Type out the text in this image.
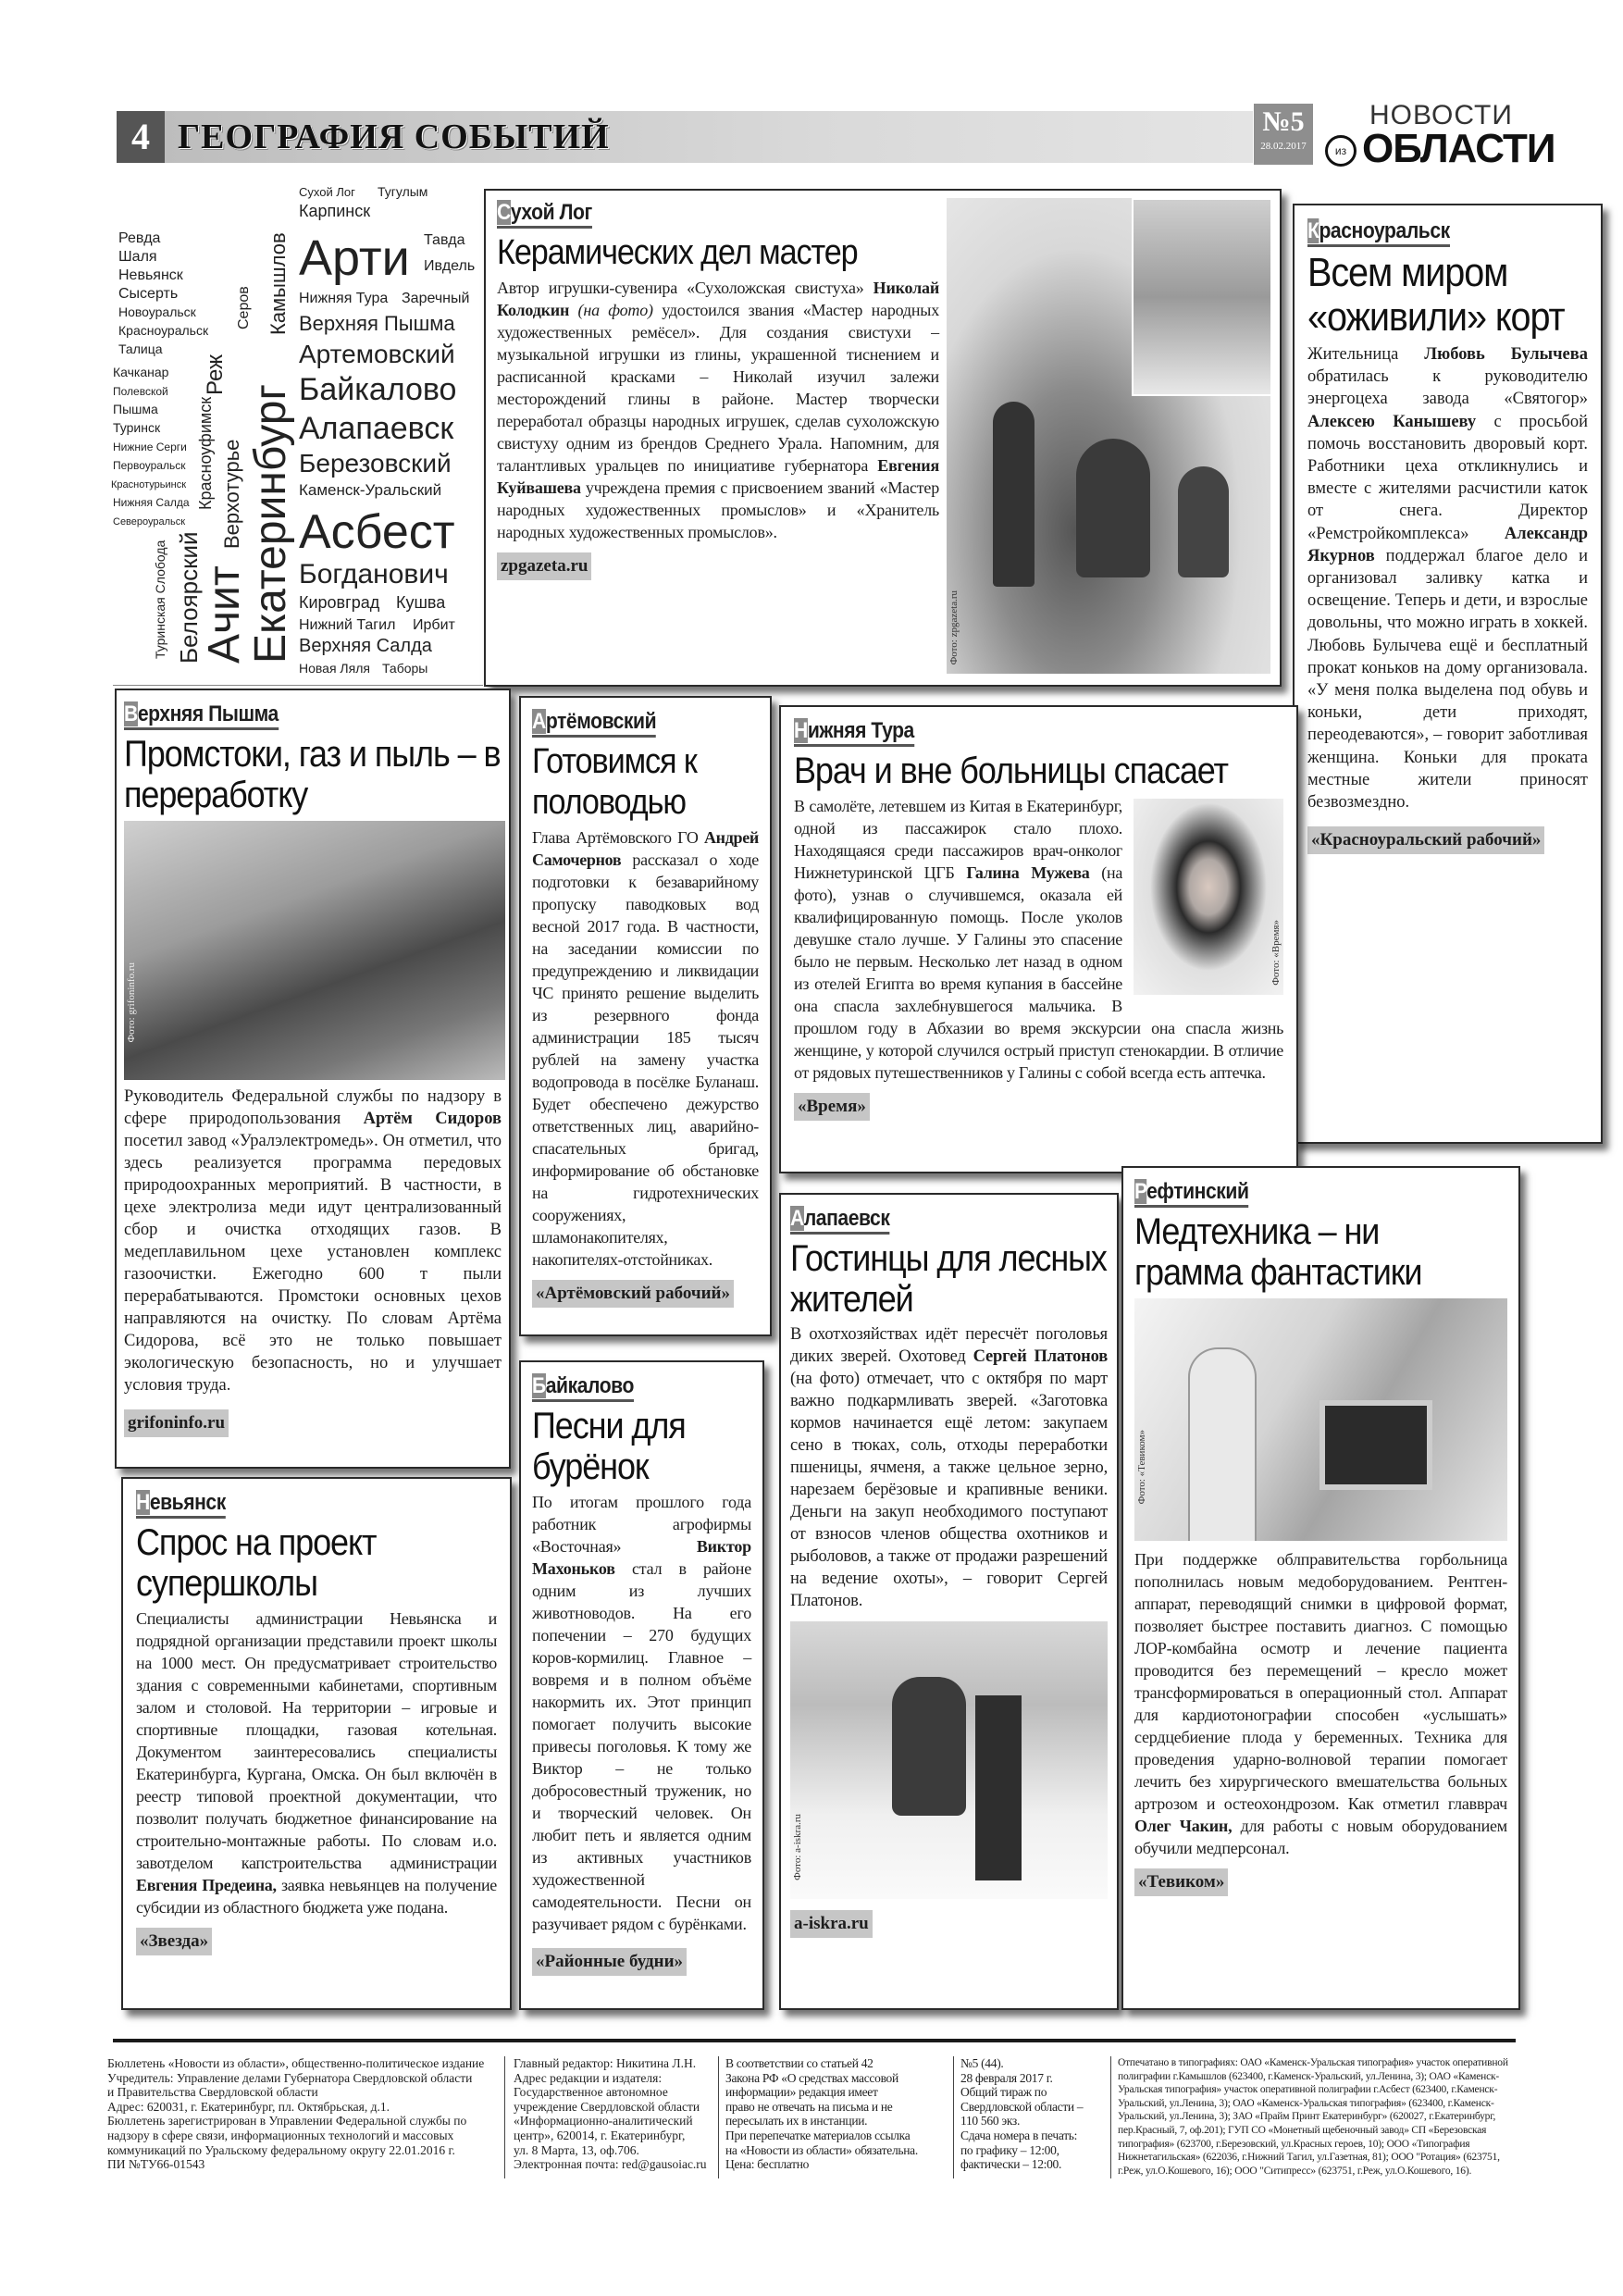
4 ГЕОГРАФИЯ СОБЫТИЙ	№5
28.02.2017
НОВОСТИ
из ОБЛАСТИ
Екатеринбург
Ачит
Белоярский
Верхотурье
Красноуфимск
Камышлов
Серов
Реж
Туринская Слобода
Сухой Лог Тугулым
Карпинск
Тавда
Арти Ивдель
Нижняя Тура Заречный
Верхняя Пышма
Артемовский
Байкалово
Алапаевск
Березовский
Каменск-Уральский
Асбест
Богданович
Кировград Кушва
Нижний Тагил Ирбит
Верхняя Салда
Новая Ляля Таборы
Ревда
Шаля
Невьянск
Сысерть
Новоуральск
Красноуральск
Талица
Качканар
Полевской
Пышма
Туринск
Нижние Серги
Первоуральск
Краснотурьинск
Нижняя Салда
Североуральск
Сухой Лог
Керамических дел мастер
Автор игрушки-сувенира «Сухоложская свистуха» Николай Колодкин (на фото) удостоился звания «Мастер народных художественных ремёсел». Для создания свистухи – музыкальной игрушки из глины, украшенной тиснением и расписанной красками – Николай изучил залежи месторождений глины в районе. Мастер творчески переработал образцы народных игрушек, сделав сухоложскую свистуху одним из брендов Среднего Урала. Напомним, для талантливых уральцев по инициативе губернатора Евгения Куйвашева учреждена премия с присвоением званий «Мастер народных художественных промыслов» и «Хранитель народных художественных промыслов».
zpgazeta.ru
Фото: zpgazeta.ru
Красноуральск
Всем миром «оживили» корт
Жительница Любовь Булычева обратилась к руководителю энергоцеха завода «Святогор» Алексею Канышеву с просьбой помочь восстановить дворовый корт. Работники цеха откликнулись и вместе с жителями расчистили каток от снега. Директор «Ремстройкомплекса» Александр Якурнов поддержал благое дело и организовал заливку катка и освещение. Теперь и дети, и взрослые довольны, что можно играть в хоккей. Любовь Булычева ещё и бесплатный прокат коньков на дому организовала. «У меня полка выделена под обувь и коньки, дети приходят, переодеваются», – говорит заботливая женщина. Коньки для проката местные жители приносят безвозмездно.
«Красноуральский рабочий»
Верхняя Пышма
Промстоки, газ и пыль – в переработку
Фото: grifoninfo.ru
Руководитель Федеральной службы по надзору в сфере природопользования Артём Сидоров посетил завод «Уралэлектромедь». Он отметил, что здесь реализуется программа передовых природоохранных мероприятий. В частности, в цехе электролиза меди идут централизованный сбор и очистка отходящих газов. В медеплавильном цехе установлен комплекс газоочистки. Ежегодно 600 т пыли перерабатываются. Промстоки основных цехов направляются на очистку. По словам Артёма Сидорова, всё это не только повышает экологическую безопасность, но и улучшает условия труда.
grifoninfo.ru
Артёмовский
Готовимся к половодью
Глава Артёмовского ГО Андрей Самочернов рассказал о ходе подготовки к безаварийному пропуску паводковых вод весной 2017 года. В частности, на заседании комиссии по предупреждению и ликвидации ЧС принято решение выделить из резервного фонда администрации 185 тысяч рублей на замену участка водопровода в посёлке Буланаш. Будет обеспечено дежурство ответственных лиц, аварийно-спасательных бригад, информирование об обстановке на гидротехнических сооружениях, шламонакопителях, накопителях-отстойниках.
«Артёмовский рабочий»
Нижняя Тура
Врач и вне больницы спасает
Фото: «Время»
В самолёте, летевшем из Китая в Екатеринбург, одной из пассажирок стало плохо. Находящаяся среди пассажиров врач-онколог Нижнетуринской ЦГБ Галина Мужева (на фото), узнав о случившемся, оказала ей квалифицированную помощь. После уколов девушке стало лучше. У Галины это спасение было не первым. Несколько лет назад в одном из отелей Египта во время купания в бассейне она спасла захлебнувшегося мальчика. В прошлом году в Абхазии во время экскурсии она спасла жизнь женщине, у которой случился острый приступ стенокардии. В отличие от рядовых путешественников у Галины с собой всегда есть аптечка.
«Время»
Невьянск
Спрос на проект супершколы
Специалисты администрации Невьянска и подрядной организации представили проект школы на 1000 мест. Он предусматривает строительство здания с современными кабинетами, спортивным залом и столовой. На территории – игровые и спортивные площадки, газовая котельная. Документом заинтересовались специалисты Екатеринбурга, Кургана, Омска. Он был включён в реестр типовой проектной документации, что позволит получать бюджетное финансирование на строительно-монтажные работы. По словам и.о. завотделом капстроительства администрации Евгения Предеина, заявка невьянцев на получение субсидии из областного бюджета уже подана.
«Звезда»
Байкалово
Песни для бурёнок
По итогам прошлого года работник агрофирмы «Восточная» Виктор Махоньков стал в районе одним из лучших животноводов. На его попечении – 270 будущих коров-кормилиц. Главное – вовремя и в полном объёме накормить их. Этот принцип помогает получить высокие привесы поголовья. К тому же Виктор – не только добросовестный труженик, но и творческий человек. Он любит петь и является одним из активных участников художественной самодеятельности. Песни он разучивает рядом с бурёнками.
«Районные будни»
Алапаевск
Гостинцы для лесных жителей
В охотхозяйствах идёт пересчёт поголовья диких зверей. Охотовед Сергей Платонов (на фото) отмечает, что с октября по март важно подкармливать зверей. «Заготовка кормов начинается ещё летом: закупаем сено в тюках, соль, отходы переработки пшеницы, ячменя, а также цельное зерно, нарезаем берёзовые и крапивные веники. Деньги на закуп необходимого поступают от взносов членов общества охотников и рыболовов, а также от продажи разрешений на ведение охоты», – говорит Сергей Платонов.
Фото: a-iskra.ru
a-iskra.ru
Рефтинский
Медтехника – ни грамма фантастики
Фото: «Тевиком»
При поддержке облправительства горбольница пополнилась новым медоборудованием. Рентген-аппарат, переводящий снимки в цифровой формат, позволяет быстрее поставить диагноз. С помощью ЛОР-комбайна осмотр и лечение пациента проводится без перемещений – кресло может трансформироваться в операционный стол. Аппарат для кардиотонографии способен «услышать» сердцебиение плода у беременных. Техника для проведения ударно-волновой терапии помогает лечить без хирургического вмешательства больных артрозом и остеохондрозом. Как отметил главврач Олег Чакин, для работы с новым оборудованием обучили медперсонал.
«Тевиком»
Бюллетень «Новости из области», общественно-политическое издание
Учредитель: Управление делами Губернатора Свердловской области
и Правительства Свердловской области
Адрес: 620031, г. Екатеринбург, пл. Октябрьская, д.1.
Бюллетень зарегистрирован в Управлении Федеральной службы по
надзору в сфере связи, информационных технологий и массовых
коммуникаций по Уральскому федеральному округу 22.01.2016 г.
ПИ №ТУ66-01543
Главный редактор: Никитина Л.Н.
Адрес редакции и издателя:
Государственное автономное
учреждение Свердловской области
«Информационно-аналитический
центр», 620014, г. Екатеринбург,
ул. 8 Марта, 13, оф.706.
Электронная почта: red@gausoiac.ru
В соответствии со статьей 42
Закона РФ «О средствах массовой
информации» редакция имеет
право не отвечать на письма и не
пересылать их в инстанции.
При перепечатке материалов ссылка
на «Новости из области» обязательна.
Цена: бесплатно
№5 (44).
28 февраля 2017 г.
Общий тираж по
Свердловской области –
110 560 экз.
Сдача номера в печать:
по графику – 12:00,
фактически – 12:00.
Отпечатано в типографиях: ОАО «Каменск-Уральская типография» участок оперативной
полиграфии г.Камышлов (623400, г.Каменск-Уральский, ул.Ленина, 3); ОАО «Каменск-
Уральская типография» участок оперативной полиграфии г.Асбест (623400, г.Каменск-
Уральский, ул.Ленина, 3); ОАО «Каменск-Уральская типография» (623400, г.Каменск-
Уральский, ул.Ленина, 3); ЗАО «Прайм Принт Екатеринбург» (620027, г.Екатеринбург,
пер.Красный, 7, оф.201); ГУП СО «Монетный щебеночный завод» СП «Березовская
типография» (623700, г.Березовский, ул.Красных героев, 10); ООО «Типография
Нижнетагильская» (622036, г.Нижний Тагил, ул.Газетная, 81); ООО "Ротация» (623751,
г.Реж, ул.О.Кошевого, 16); ООО "Ситипресс» (623751, г.Реж, ул.О.Кошевого, 16).
